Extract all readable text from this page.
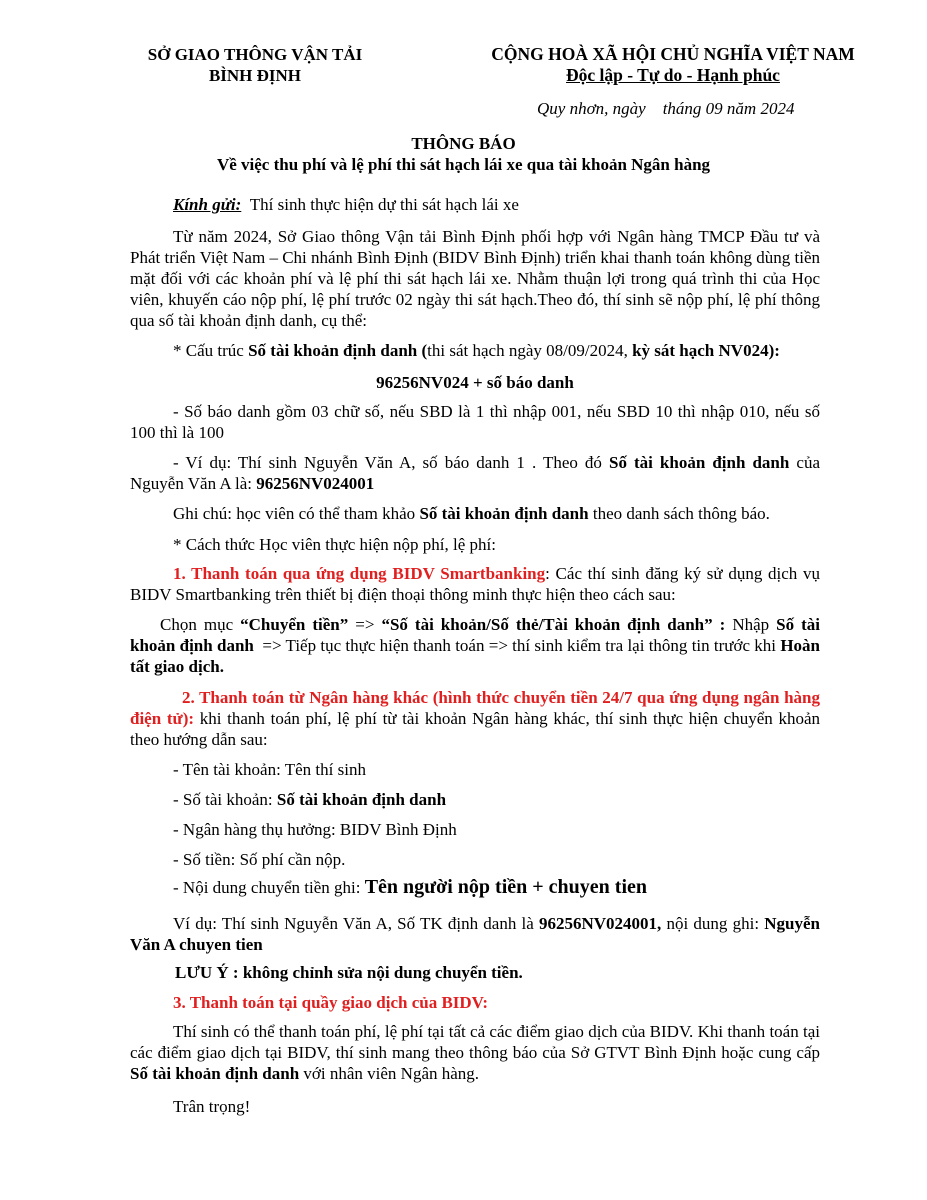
SỞ GIAO THÔNG VẬN TẢI
BÌNH ĐỊNH
CỘNG HOÀ XÃ HỘI CHỦ NGHĨA VIỆT NAM
Độc lập - Tự do - Hạnh phúc
Quy nhơn, ngày    tháng 09 năm 2024
THÔNG BÁO
Về việc thu phí và lệ phí thi sát hạch lái xe qua tài khoản Ngân hàng
Kính gửi: Thí sinh thực hiện dự thi sát hạch lái xe
Từ năm 2024, Sở Giao thông Vận tải Bình Định phối hợp với Ngân hàng TMCP Đầu tư và Phát triển Việt Nam – Chi nhánh Bình Định (BIDV Bình Định) triển khai thanh toán không dùng tiền mặt đối với các khoản phí và lệ phí thi sát hạch lái xe. Nhằm thuận lợi trong quá trình thi của Học viên, khuyến cáo nộp phí, lệ phí trước 02 ngày thi sát hạch.Theo đó, thí sinh sẽ nộp phí, lệ phí thông qua số tài khoản định danh, cụ thể:
* Cấu trúc Số tài khoản định danh (thi sát hạch ngày 08/09/2024, kỳ sát hạch NV024):
96256NV024 + số báo danh
- Số báo danh gồm 03 chữ số, nếu SBD là 1 thì nhập 001, nếu SBD 10 thì nhập 010, nếu số 100 thì là 100
- Ví dụ: Thí sinh Nguyễn Văn A, số báo danh 1 . Theo đó Số tài khoản định danh của Nguyễn Văn A là: 96256NV024001
Ghi chú: học viên có thể tham khảo Số tài khoản định danh theo danh sách thông báo.
* Cách thức Học viên thực hiện nộp phí, lệ phí:
1. Thanh toán qua ứng dụng BIDV Smartbanking: Các thí sinh đăng ký sử dụng dịch vụ BIDV Smartbanking trên thiết bị điện thoại thông minh thực hiện theo cách sau:
Chọn mục “Chuyển tiền” => “Số tài khoản/Số thẻ/Tài khoản định danh” : Nhập Số tài khoản định danh  => Tiếp tục thực hiện thanh toán => thí sinh kiểm tra lại thông tin trước khi Hoàn tất giao dịch.
2. Thanh toán từ Ngân hàng khác (hình thức chuyển tiền 24/7 qua ứng dụng ngân hàng điện tử): khi thanh toán phí, lệ phí từ tài khoản Ngân hàng khác, thí sinh thực hiện chuyển khoản theo hướng dẫn sau:
- Tên tài khoản: Tên thí sinh
- Số tài khoản: Số tài khoản định danh
- Ngân hàng thụ hưởng: BIDV Bình Định
- Số tiền: Số phí cần nộp.
- Nội dung chuyển tiền ghi: Tên người nộp tiền + chuyen tien
Ví dụ: Thí sinh Nguyễn Văn A, Số TK định danh là 96256NV024001, nội dung ghi: Nguyễn Văn A chuyen tien
LƯU Ý : không chỉnh sửa nội dung chuyển tiền.
3. Thanh toán tại quầy giao dịch của BIDV:
Thí sinh có thể thanh toán phí, lệ phí tại tất cả các điểm giao dịch của BIDV. Khi thanh toán tại các điểm giao dịch tại BIDV, thí sinh mang theo thông báo của Sở GTVT Bình Định hoặc cung cấp Số tài khoản định danh với nhân viên Ngân hàng.
Trân trọng!
